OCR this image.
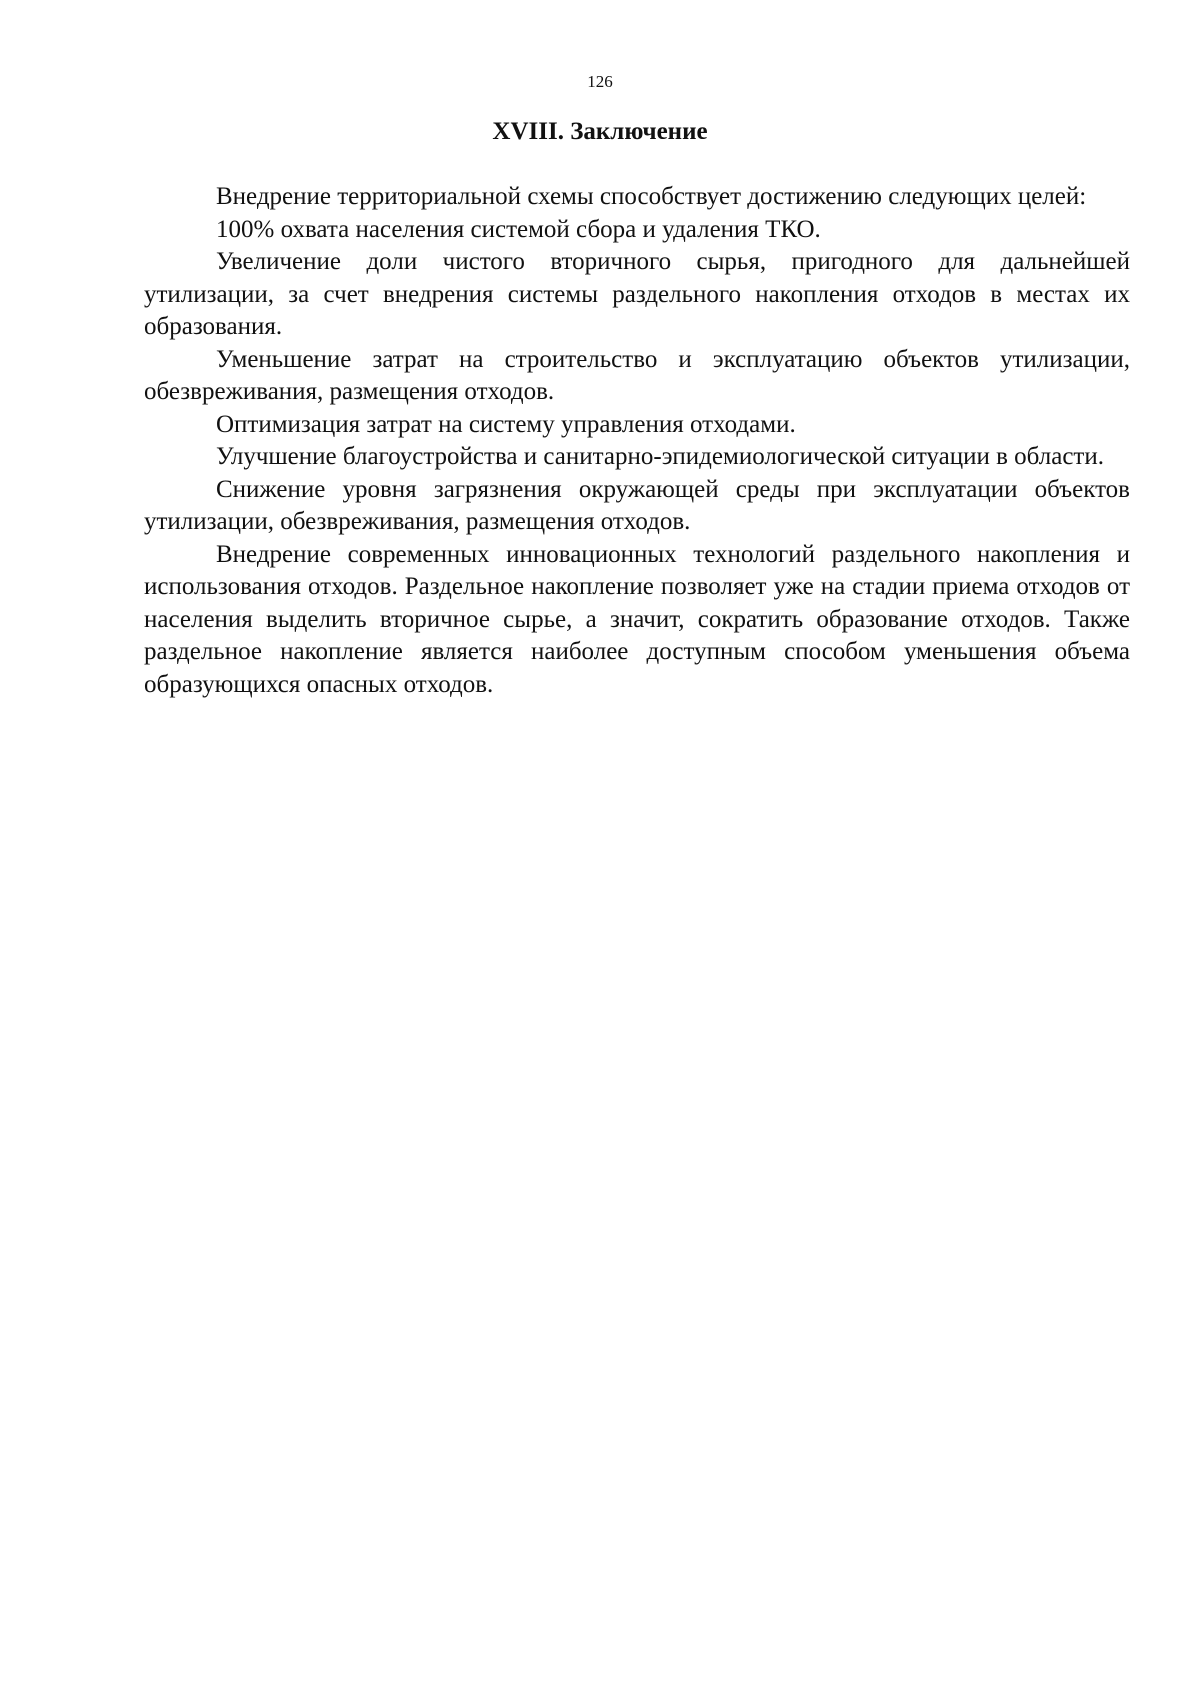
126
XVIII. Заключение

Внедрение территориальной схемы способствует достижению следующих целей:

100% охвата населения системой сбора и удаления ТКО.

Увеличение доли чистого вторичного сырья, пригодного для дальнейшей утилизации, за счет внедрения системы раздельного накопления отходов в местах их образования.

Уменьшение затрат на строительство и эксплуатацию объектов утилизации, обезвреживания, размещения отходов.

Оптимизация затрат на систему управления отходами.

Улучшение благоустройства и санитарно-эпидемиологической ситуации в области.

Снижение уровня загрязнения окружающей среды при эксплуатации объектов утилизации, обезвреживания, размещения отходов.

Внедрение современных инновационных технологий раздельного накопления и использования отходов. Раздельное накопление позволяет уже на стадии приема отходов от населения выделить вторичное сырье, а значит, сократить образование отходов. Также раздельное накопление является наиболее доступным способом уменьшения объема образующихся опасных отходов.
